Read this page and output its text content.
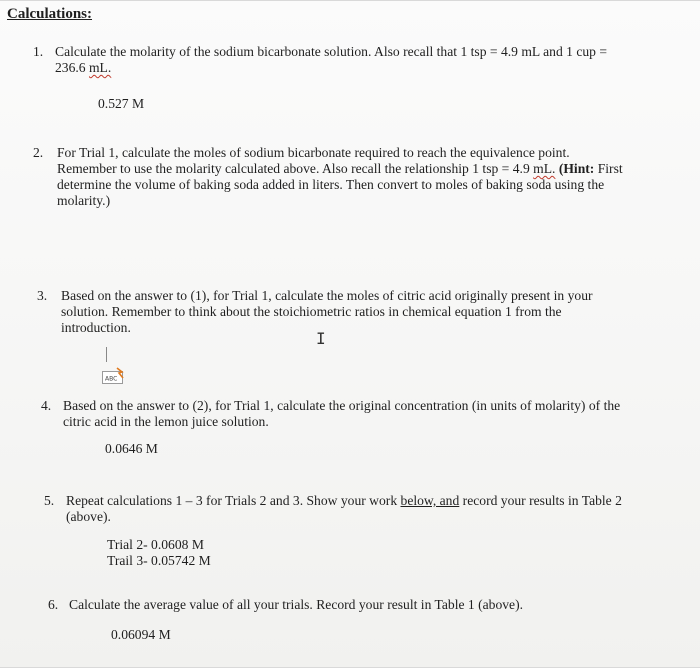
Calculations:
1. Calculate the molarity of the sodium bicarbonate solution. Also recall that 1 tsp = 4.9 mL and 1 cup =
236.6 mL.
0.527 M
2. For Trial 1, calculate the moles of sodium bicarbonate required to reach the equivalence point.
Remember to use the molarity calculated above. Also recall the relationship 1 tsp = 4.9 mL. (Hint: First
determine the volume of baking soda added in liters. Then convert to moles of baking soda using the
molarity.)
3. Based on the answer to (1), for Trial 1, calculate the moles of citric acid originally present in your
solution. Remember to think about the stoichiometric ratios in chemical equation 1 from the
introduction.
I
ABC
4. Based on the answer to (2), for Trial 1, calculate the original concentration (in units of molarity) of the
citric acid in the lemon juice solution.
0.0646 M
5. Repeat calculations 1 – 3 for Trials 2 and 3. Show your work below, and record your results in Table 2
(above).
Trial 2- 0.0608 M
Trail 3- 0.05742 M
6. Calculate the average value of all your trials. Record your result in Table 1 (above).
0.06094 M
